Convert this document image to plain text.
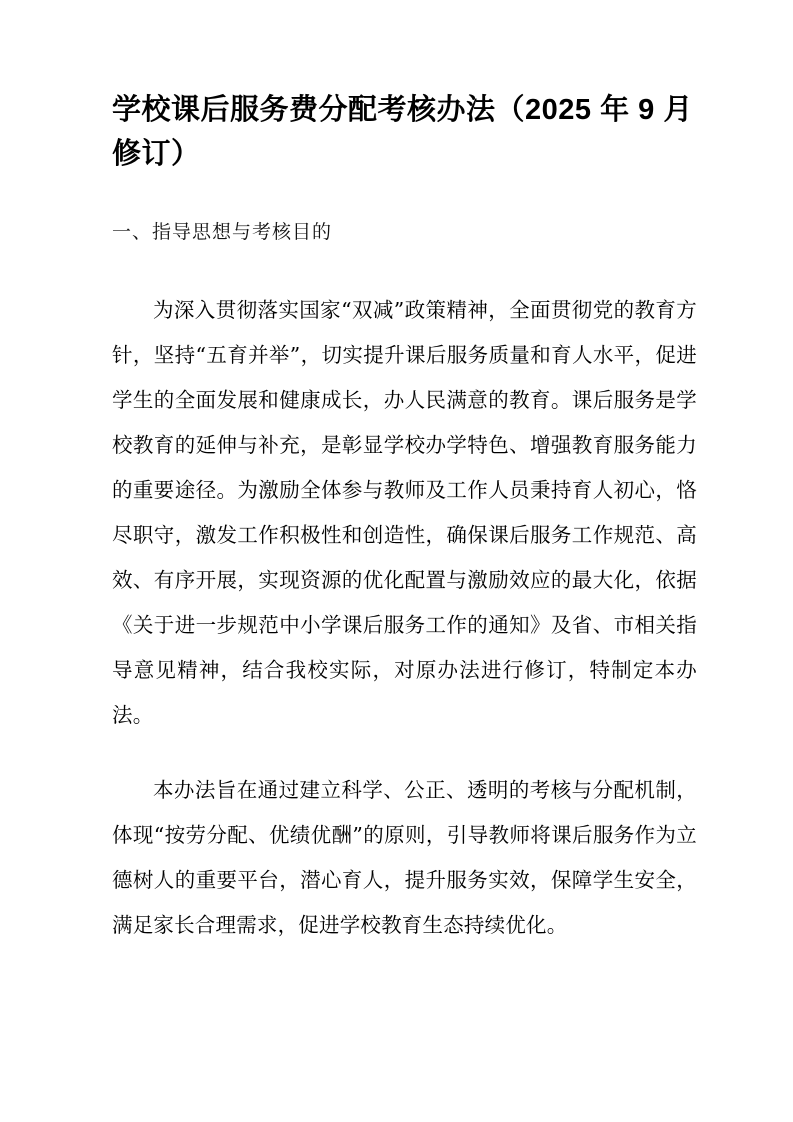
学校课后服务费分配考核办法（2025 年 9 月修订）
一、指导思想与考核目的

为深入贯彻落实国家“双减”政策精神，全面贯彻党的教育方针，坚持“五育并举”，切实提升课后服务质量和育人水平，促进学生的全面发展和健康成长，办人民满意的教育。课后服务是学校教育的延伸与补充，是彰显学校办学特色、增强教育服务能力的重要途径。为激励全体参与教师及工作人员秉持育人初心，恪尽职守，激发工作积极性和创造性，确保课后服务工作规范、高效、有序开展，实现资源的优化配置与激励效应的最大化，依据《关于进一步规范中小学课后服务工作的通知》及省、市相关指导意见精神，结合我校实际，对原办法进行修订，特制定本办法。

本办法旨在通过建立科学、公正、透明的考核与分配机制，体现“按劳分配、优绩优酬”的原则，引导教师将课后服务作为立德树人的重要平台，潜心育人，提升服务实效，保障学生安全，满足家长合理需求，促进学校教育生态持续优化。
